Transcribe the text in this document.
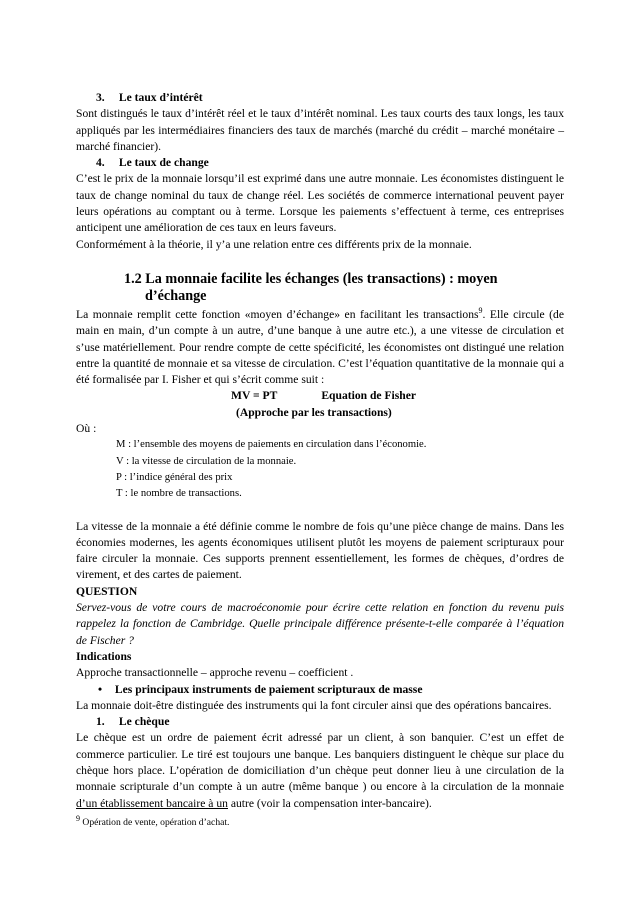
3. Le taux d’intérêt

Sont distingués le taux d’intérêt réel et le taux d’intérêt nominal. Les taux courts des taux longs, les taux appliqués par les intermédiaires financiers des taux de marchés (marché du crédit – marché monétaire – marché financier).

4. Le taux de change

C’est le prix de la monnaie lorsqu’il est exprimé dans une autre monnaie. Les économistes distinguent le taux de change nominal du taux de change réel. Les sociétés de commerce international peuvent payer leurs opérations au comptant ou à terme. Lorsque les paiements s’effectuent à terme, ces entreprises anticipent une amélioration de ces taux en leurs faveurs.

Conformément à la théorie, il y’a une relation entre ces différents prix de la monnaie.

1.2 La monnaie facilite les échanges (les transactions) : moyen
d’échange

La monnaie remplit cette fonction «moyen d’échange» en facilitant les transactions$^9$. Elle circule (de main en main, d’un compte à un autre, d’une banque à une autre etc.), a une vitesse de circulation et s’use matériellement. Pour rendre compte de cette spécificité, les économistes ont distingué une relation entre la quantité de monnaie et sa vitesse de circulation. C’est l’équation quantitative de la monnaie qui a été formalisée par I. Fisher et qui s’écrit comme suit :

MV = PT	Equation de Fisher

(Approche par les transactions)

Où :

M : l’ensemble des moyens de paiements en circulation dans l’économie.
V : la vitesse de circulation de la monnaie.
P : l’indice général des prix
T : le nombre de transactions.

La vitesse de la monnaie a été définie comme le nombre de fois qu’une pièce change de mains. Dans les économies modernes, les agents économiques utilisent plutôt les moyens de paiement scripturaux pour faire circuler la monnaie. Ces supports prennent essentiellement, les formes de chèques, d’ordres de virement, et des cartes de paiement.

QUESTION

Servez-vous de votre cours de macroéconomie pour écrire cette relation en fonction du revenu puis rappelez la fonction de Cambridge. Quelle principale différence présente-t-elle comparée à l’équation de Fischer ?

Indications

Approche transactionnelle – approche revenu – coefficient .

• Les principaux instruments de paiement scripturaux de masse

La monnaie doit-être distinguée des instruments qui la font circuler ainsi que des opérations bancaires.

1. Le chèque

Le chèque est un ordre de paiement écrit adressé par un client, à son banquier. C’est un effet de commerce particulier. Le tiré est toujours une banque. Les banquiers distinguent le chèque sur place du chèque hors place. L’opération de domiciliation d’un chèque peut donner lieu à une circulation de la monnaie scripturale d’un compte à un autre (même banque ) ou encore à la circulation de la monnaie d’un établissement bancaire à un autre (voir la compensation inter-bancaire).

$^9$ Opération de vente, opération d’achat.
